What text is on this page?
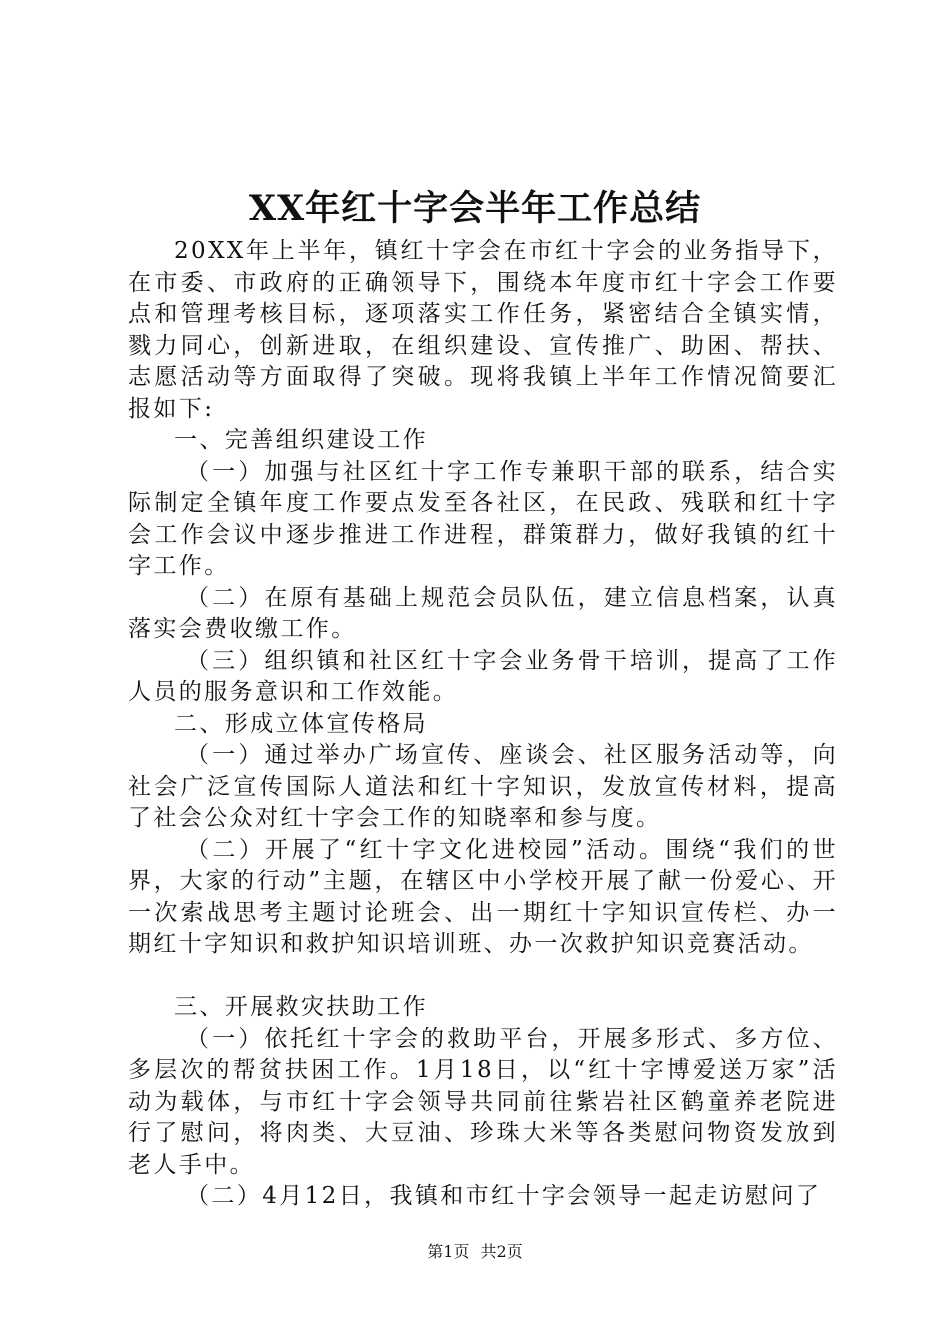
XX年红十字会半年工作总结

20XX年上半年，镇红十字会在市红十字会的业务指导下，在市委、市政府的正确领导下，围绕本年度市红十字会工作要点和管理考核目标，逐项落实工作任务，紧密结合全镇实情，戮力同心，创新进取，在组织建设、宣传推广、助困、帮扶、志愿活动等方面取得了突破。现将我镇上半年工作情况简要汇报如下:

一、完善组织建设工作

（一）加强与社区红十字工作专兼职干部的联系，结合实际制定全镇年度工作要点发至各社区，在民政、残联和红十字会工作会议中逐步推进工作进程，群策群力，做好我镇的红十字工作。

（二）在原有基础上规范会员队伍，建立信息档案，认真落实会费收缴工作。

（三）组织镇和社区红十字会业务骨干培训，提高了工作人员的服务意识和工作效能。

二、形成立体宣传格局

（一）通过举办广场宣传、座谈会、社区服务活动等，向社会广泛宣传国际人道法和红十字知识，发放宣传材料，提高了社会公众对红十字会工作的知晓率和参与度。

（二）开展了“红十字文化进校园”活动。围绕“我们的世界，大家的行动”主题，在辖区中小学校开展了献一份爱心、开一次索战思考主题讨论班会、出一期红十字知识宣传栏、办一期红十字知识和救护知识培训班、办一次救护知识竞赛活动。

三、开展救灾扶助工作

（一）依托红十字会的救助平台，开展多形式、多方位、多层次的帮贫扶困工作。1月18日，以“红十字博爱送万家”活动为载体，与市红十字会领导共同前往紫岩社区鹤童养老院进行了慰问，将肉类、大豆油、珍珠大米等各类慰问物资发放到老人手中。

（二）4月12日，我镇和市红十字会领导一起走访慰问了

第1页 共2页
